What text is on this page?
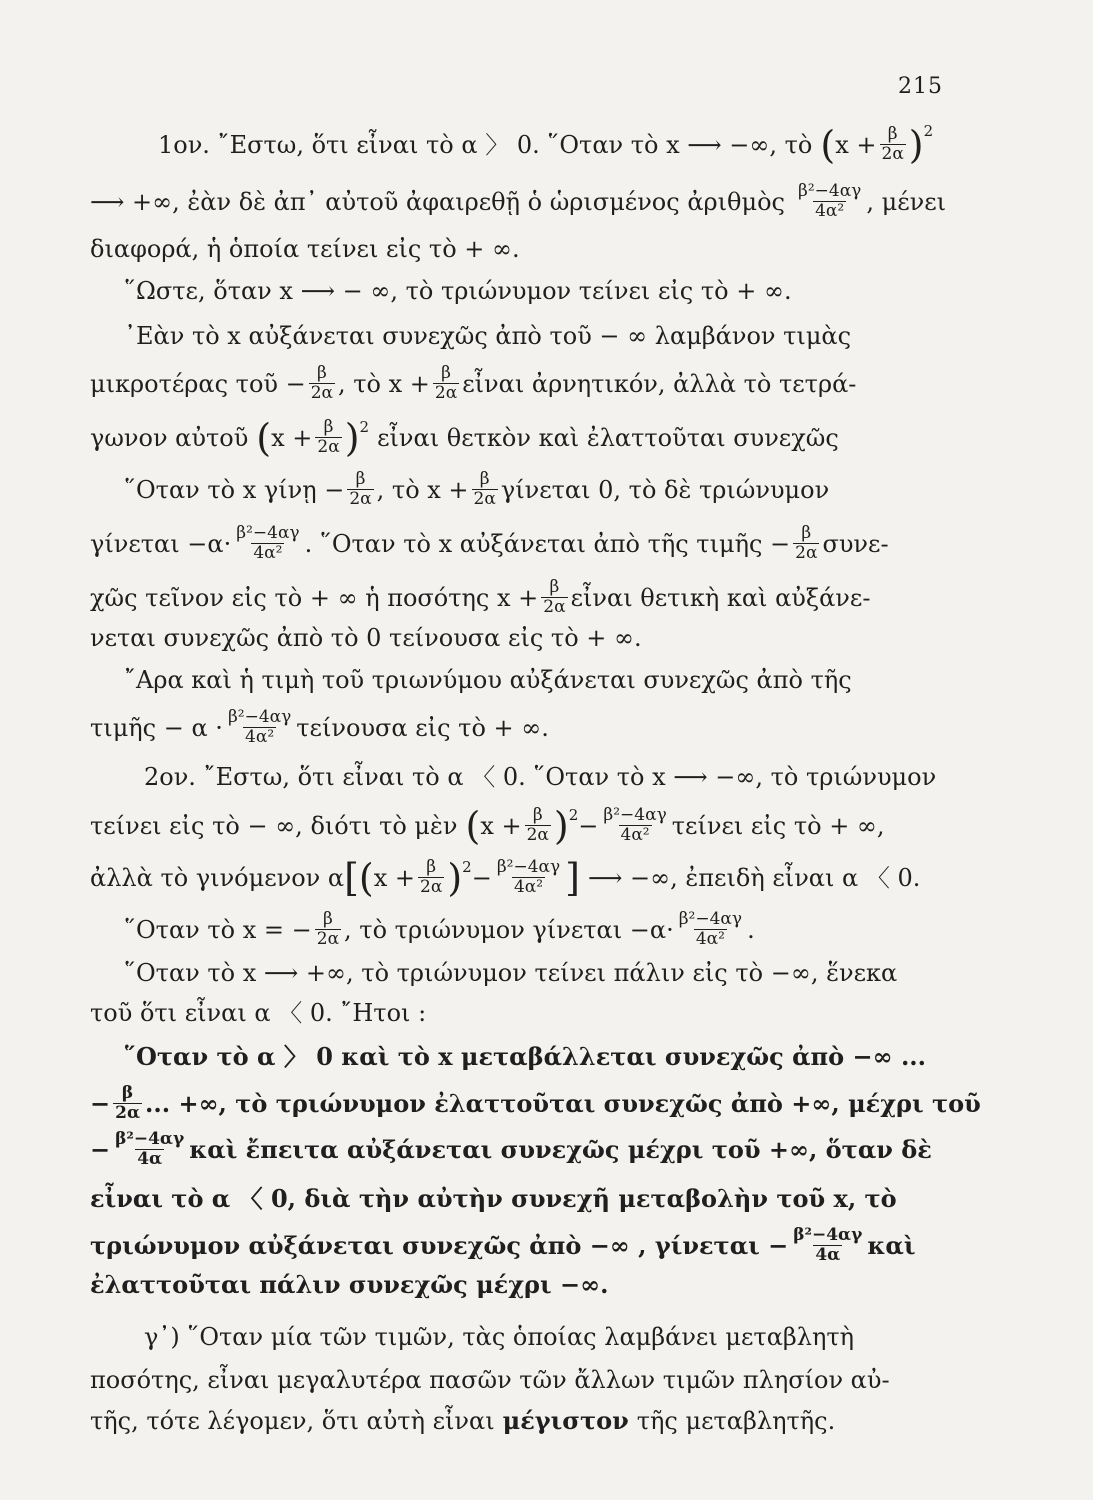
215
1ον. ῎Εστω, ὅτι εἶναι τὸ α 〉 0. ῞Οταν τὸ x ⟶ −∞, τὸ ( $x + \frac{\beta}{2\alpha}$ ) 2
⟶ +∞, ἐὰν δὲ ἀπ᾽ αὐτοῦ ἀφαιρεθῇ ὁ ὡρισμένος ἀριθμὸς $\frac{\text{β²−4αγ}}{\text{4α²}}$ , μένει
διαφορά, ἡ ὁποία τείνει εἰς τὸ + ∞.
῞Ωστε, ὅταν x ⟶ − ∞, τὸ τριώνυμον τείνει εἰς τὸ + ∞.
᾽Εὰν τὸ x αὐξάνεται συνεχῶς ἀπὸ τοῦ − ∞ λαμβάνον τιμὰς
μικροτέρας τοῦ − $\frac{\beta}{2\alpha}$ , τὸ $x + \frac{\beta}{2\alpha}$ εἶναι ἀρνητικόν, ἀλλὰ τὸ τετρά-
γωνον αὐτοῦ ( $x + \frac{\beta}{2\alpha}$ ) 2 εἶναι θετκὸν καὶ ἐλαττοῦται συνεχῶς
῞Οταν τὸ x γίνῃ − $\frac{\beta}{2\alpha}$ , τὸ $x + \frac{\beta}{2\alpha}$ γίνεται 0, τὸ δὲ τριώνυμον
$\gamma ί\nu\varepsilon\tau\alpha\iota -\alpha\cdot \frac{\text{β²−4αγ}}{\text{4α²}}$ . ῞Οταν τὸ x αὐξάνεται ἀπὸ τῆς τιμῆς − $\frac{\beta}{2\alpha} \sigma\upsilon\nu\varepsilon-$
χῶς τεῖνον εἰς τὸ + ∞ ἡ ποσότης $x + \frac{\beta}{2\alpha}$ εἶναι θετικὴ καὶ αὐξάνε-
νεται συνεχῶς ἀπὸ τὸ 0 τείνουσα εἰς τὸ + ∞.
῎Αρα καὶ ἡ τιμὴ τοῦ τριωνύμου αὐξάνεται συνεχῶς ἀπὸ τῆς
τιμῆς − $\alpha \cdot \frac{\text{β²−4αγ}}{\text{4α²}}$ τείνουσα εἰς τὸ + ∞.
2ον. ῎Εστω, ὅτι εἶναι τὸ α 〈 0. ῞Οταν τὸ x ⟶ −∞, τὸ τριώνυμον
τείνει εἰς τὸ − ∞, διότι τὸ μὲν ( $x + \frac{\beta}{2\alpha}$ ) $2 - \frac{\text{β²−4αγ}}{\text{4α²}}$ τείνει εἰς τὸ + ∞,
ἀλλὰ τὸ γινόμενον α [( $x + \frac{\beta}{2\alpha}$ ) $2 - \frac{\text{β²−4αγ}}{\text{4α²}}$ ] ⟶ −∞, ἐπειδὴ εἶναι α 〈 0.
῞Οταν τὸ x = − $\frac{\beta}{2\alpha}$ , τὸ τριώνυμον $\gamma ί\nu\varepsilon\tau\alpha\iota -\alpha\cdot \frac{\text{β²−4αγ}}{\text{4α²}}$ .
῞Οταν τὸ x ⟶ +∞, τὸ τριώνυμον τείνει πάλιν εἰς τὸ −∞, ἕνεκα
τοῦ ὅτι εἶναι α 〈 0. ῎Ητοι :
῞Οταν τὸ α 〉 0 καὶ τὸ x μεταβάλλεται συνεχῶς ἀπὸ −∞ ...
− $\frac{\beta}{2\alpha}$ ... +∞, τὸ τριώνυμον ἐλαττοῦται συνεχῶς ἀπὸ +∞, μέχρι τοῦ
− $\frac{\text{β²−4αγ}}{4\alpha}$ καὶ ἔπειτα αὐξάνεται συνεχῶς μέχρι τοῦ +∞, ὅταν δὲ
εἶναι τὸ α 〈 0, διὰ τὴν αὐτὴν συνεχῆ μεταβολὴν τοῦ x, τὸ
τριώνυμον αὐξάνεται συνεχῶς ἀπὸ −∞ , $\gamma ί\nu\varepsilon\tau\alpha\iota - \frac{\text{β²−4αγ}}{4\alpha}$ καὶ
ἐλαττοῦται πάλιν συνεχῶς μέχρι −∞.
γ᾽) ῞Οταν μία τῶν τιμῶν, τὰς ὁποίας λαμβάνει μεταβλητὴ
ποσότης, εἶναι μεγαλυτέρα πασῶν τῶν ἄλλων τιμῶν πλησίον αὐ-
τῆς, τότε λέγομεν, ὅτι αὐτὴ εἶναι μέγιστον τῆς μεταβλητῆς.
